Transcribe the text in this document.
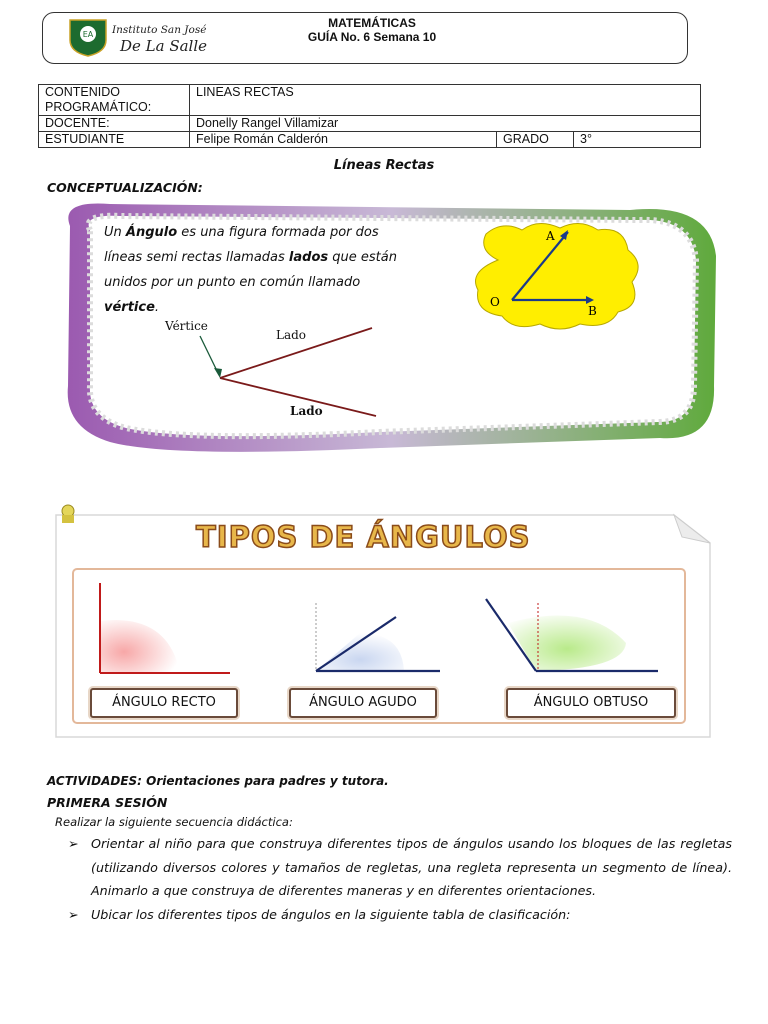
EA Instituto San José
De La Salle
MATEMÁTICAS
GUÍA No. 6 Semana 10
CONTENIDO PROGRAMÁTICO:	LINEAS RECTAS		
DOCENTE:	Donelly Rangel Villamizar		
ESTUDIANTE	Felipe Román Calderón	GRADO	3°
Líneas Rectas
CONCEPTUALIZACIÓN:
Un Ángulo es una figura formada por dos líneas semi rectas llamadas lados que están unidos por un punto en común llamado vértice.
Vértice
Lado
Lado
A
O
B
TIPOS DE ÁNGULOS
ÁNGULO RECTO	ÁNGULO AGUDO	ÁNGULO OBTUSO
ACTIVIDADES: Orientaciones para padres y tutora.
PRIMERA SESIÓN
Realizar la siguiente secuencia didáctica:
➢ Orientar al niño para que construya diferentes tipos de ángulos usando los bloques de las regletas (utilizando diversos colores y tamaños de regletas, una regleta representa un segmento de línea). Animarlo a que construya de diferentes maneras y en diferentes orientaciones.
➢ Ubicar los diferentes tipos de ángulos en la siguiente tabla de clasificación:
